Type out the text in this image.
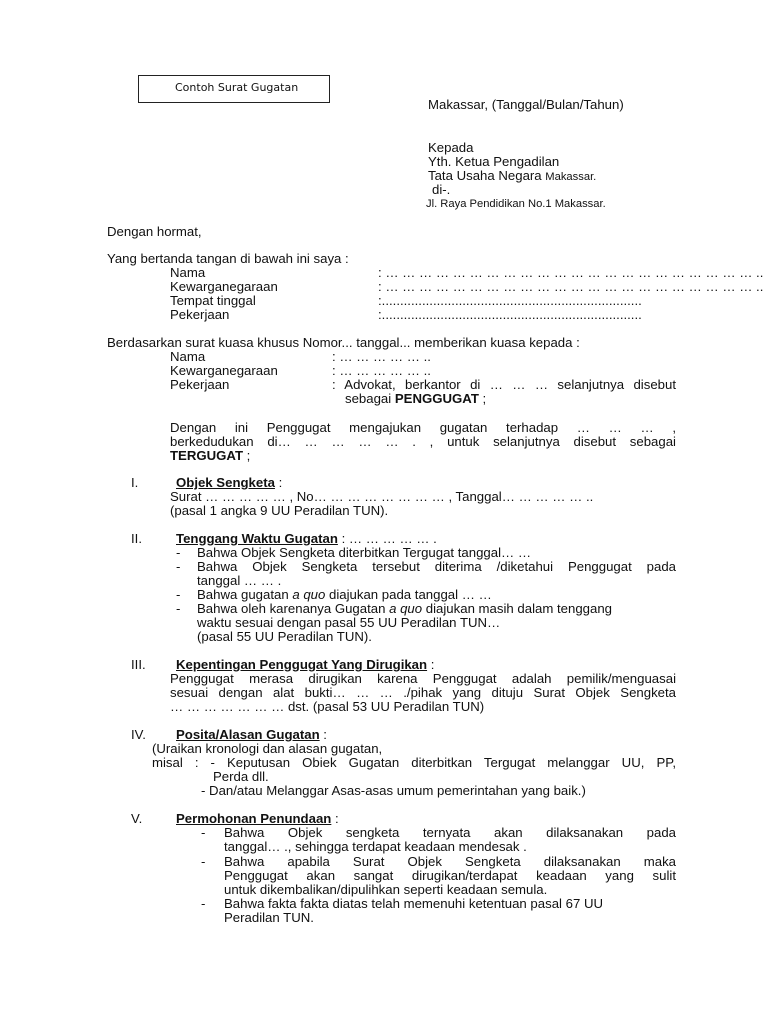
Contoh Surat Gugatan
Makassar, (Tanggal/Bulan/Tahun)
Kepada
Yth. Ketua Pengadilan
Tata Usaha Negara Makassar.
di-.
Jl. Raya Pendidikan No.1 Makassar.
Dengan hormat,
Yang bertanda tangan di bawah ini saya :
Nama	: … … … … … … … … … … … … … … … … … … … … … … ..
Kewarganegaraan	: … … … … … … … … … … … … … … … … … … … … … … ..
Tempat tinggal	:.......................................................................
Pekerjaan	:.......................................................................
Berdasarkan surat kuasa khusus Nomor... tanggal... memberikan kuasa kepada :
Nama	: … … … … … ..
Kewarganegaraan	: … … … … … ..
Pekerjaan	: Advokat, berkantor di … … … selanjutnya disebut
sebagai PENGGUGAT ;
Dengan ini Penggugat mengajukan gugatan terhadap … … … ,
berkedudukan di… … … … … . , untuk selanjutnya disebut sebagai
TERGUGAT ;
I.	Objek Sengketa :
Surat … … … … … , No… … … … … … … … , Tanggal… … … … … ..
(pasal 1 angka 9 UU Peradilan TUN).
II.	Tenggang Waktu Gugatan : … … … … … .
- Bahwa Objek Sengketa diterbitkan Tergugat tanggal… …
- Bahwa Objek Sengketa tersebut diterima /diketahui Penggugat pada
tanggal … … .
- Bahwa gugatan a quo diajukan pada tanggal … …
- Bahwa oleh karenanya Gugatan a quo diajukan masih dalam tenggang
waktu sesuai dengan pasal 55 UU Peradilan TUN…
(pasal 55 UU Peradilan TUN).
III. Kepentingan Penggugat Yang Dirugikan :
Penggugat merasa dirugikan karena Penggugat adalah pemilik/menguasai
sesuai dengan alat bukti… … … ./pihak yang dituju Surat Objek Sengketa
… … … … … … … dst. (pasal 53 UU Peradilan TUN)
IV. Posita/Alasan Gugatan :
(Uraikan kronologi dan alasan gugatan,
misal : - Keputusan Obiek Gugatan diterbitkan Tergugat melanggar UU, PP,
Perda dll.
- Dan/atau Melanggar Asas-asas umum pemerintahan yang baik.)
V.	Permohonan Penundaan :
- Bahwa Objek sengketa ternyata akan dilaksanakan pada
tanggal… ., sehingga terdapat keadaan mendesak .
- Bahwa apabila Surat Objek Sengketa dilaksanakan maka
Penggugat akan sangat dirugikan/terdapat keadaan yang sulit
untuk dikembalikan/dipulihkan seperti keadaan semula.
- Bahwa fakta fakta diatas telah memenuhi ketentuan pasal 67 UU
Peradilan TUN.
